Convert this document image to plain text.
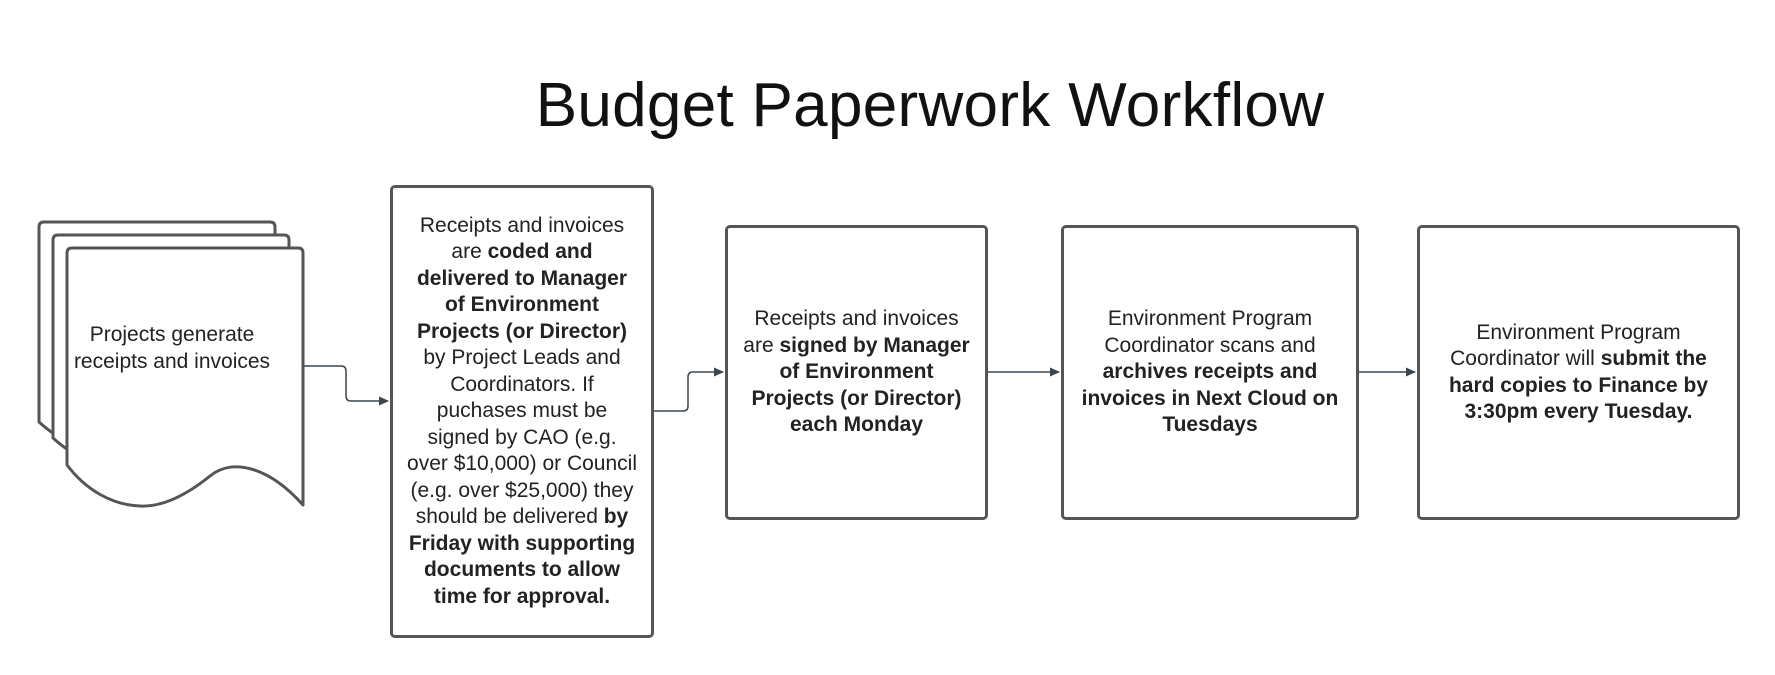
Budget Paperwork Workflow
Projects generate receipts and invoices
Receipts and invoices are coded and delivered to Manager of Environment Projects (or Director) by Project Leads and Coordinators. If puchases must be signed by CAO (e.g. over $10,000) or Council (e.g. over $25,000) they should be delivered by Friday with supporting documents to allow time for approval.
Receipts and invoices are signed by Manager of Environment Projects (or Director) each Monday
Environment Program Coordinator scans and archives receipts and invoices in Next Cloud on Tuesdays
Environment Program Coordinator will submit the hard copies to Finance by 3:30pm every Tuesday.
